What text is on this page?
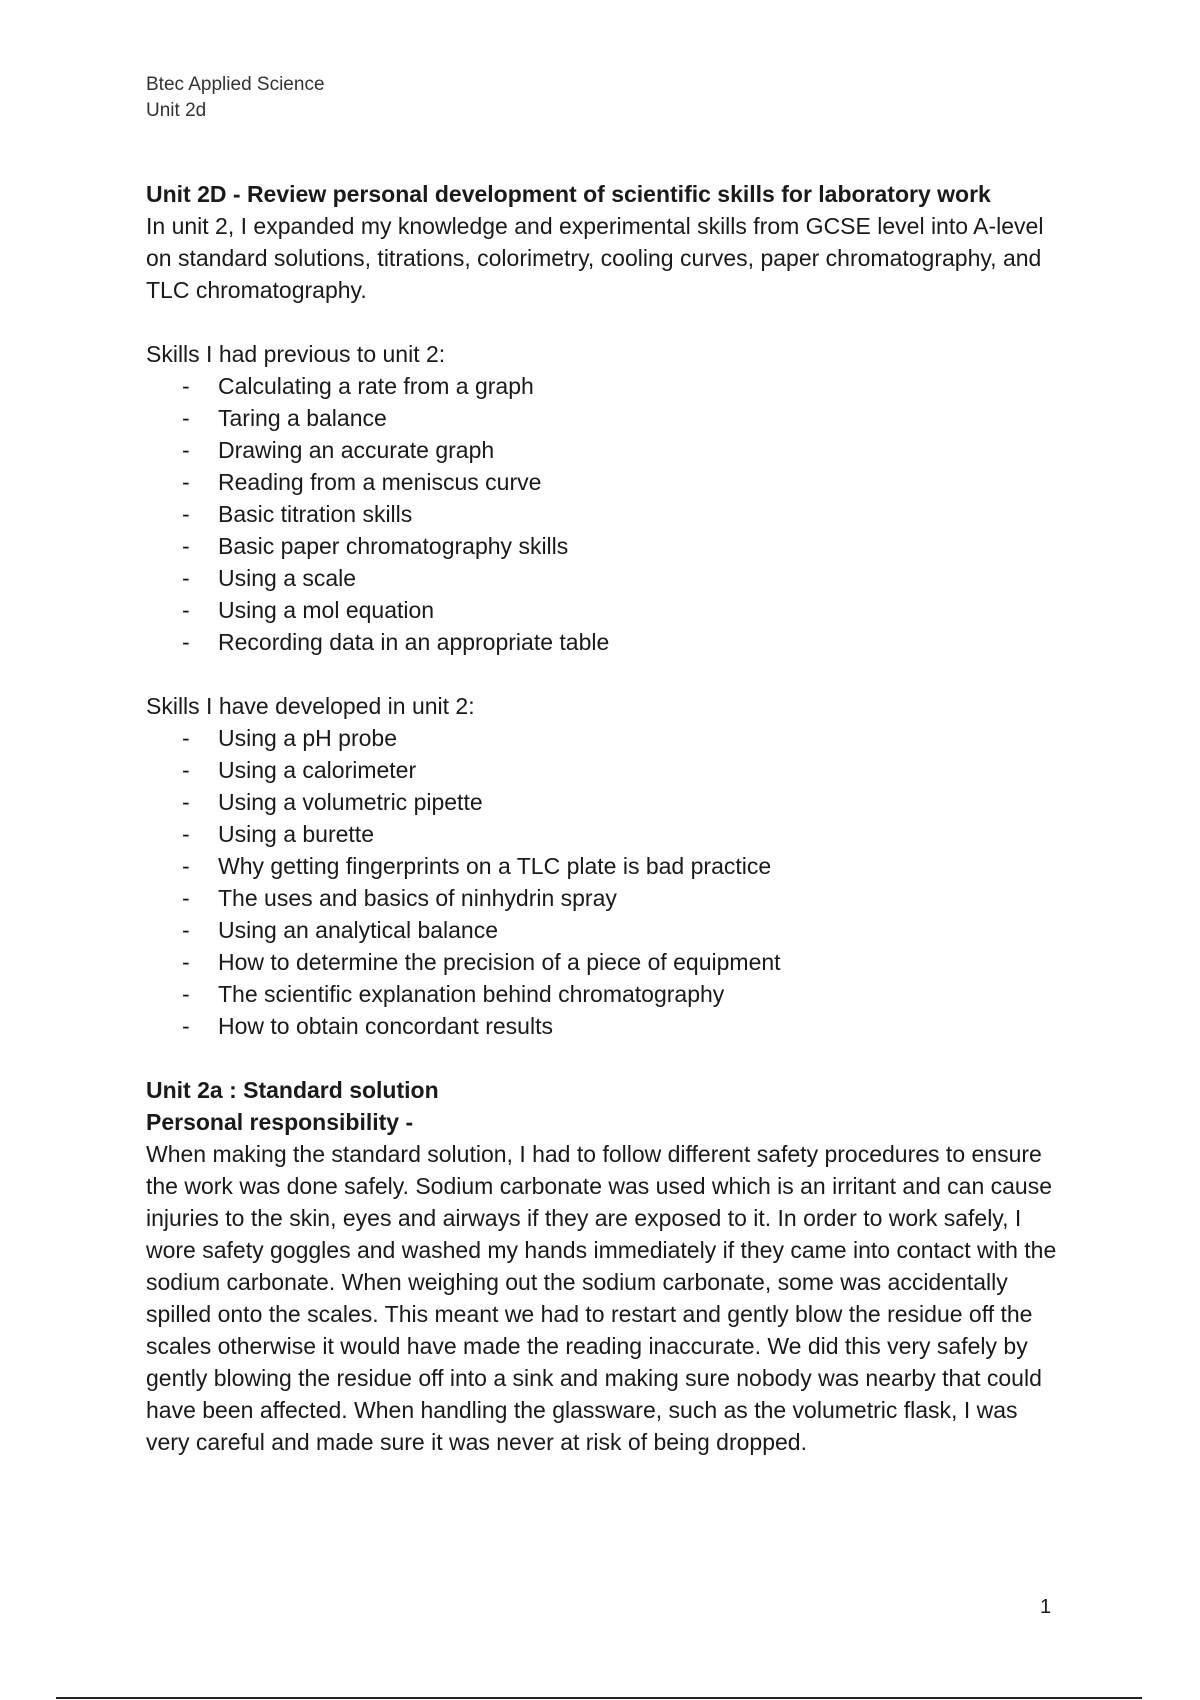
Btec Applied Science
Unit 2d
Unit 2D - Review personal development of scientific skills for laboratory work

In unit 2, I expanded my knowledge and experimental skills from GCSE level into A-level on standard solutions, titrations, colorimetry, cooling curves, paper chromatography, and TLC chromatography.

Skills I had previous to unit 2:

- Calculating a rate from a graph
- Taring a balance
- Drawing an accurate graph
- Reading from a meniscus curve
- Basic titration skills
- Basic paper chromatography skills
- Using a scale
- Using a mol equation
- Recording data in an appropriate table

Skills I have developed in unit 2:

- Using a pH probe
- Using a calorimeter
- Using a volumetric pipette
- Using a burette
- Why getting fingerprints on a TLC plate is bad practice
- The uses and basics of ninhydrin spray
- Using an analytical balance
- How to determine the precision of a piece of equipment
- The scientific explanation behind chromatography
- How to obtain concordant results
Unit 2a : Standard solution
Personal responsibility -

When making the standard solution, I had to follow different safety procedures to ensure the work was done safely. Sodium carbonate was used which is an irritant and can cause injuries to the skin, eyes and airways if they are exposed to it. In order to work safely, I wore safety goggles and washed my hands immediately if they came into contact with the sodium carbonate. When weighing out the sodium carbonate, some was accidentally spilled onto the scales. This meant we had to restart and gently blow the residue off the scales otherwise it would have made the reading inaccurate. We did this very safely by gently blowing the residue off into a sink and making sure nobody was nearby that could have been affected. When handling the glassware, such as the volumetric flask, I was very careful and made sure it was never at risk of being dropped.

1
